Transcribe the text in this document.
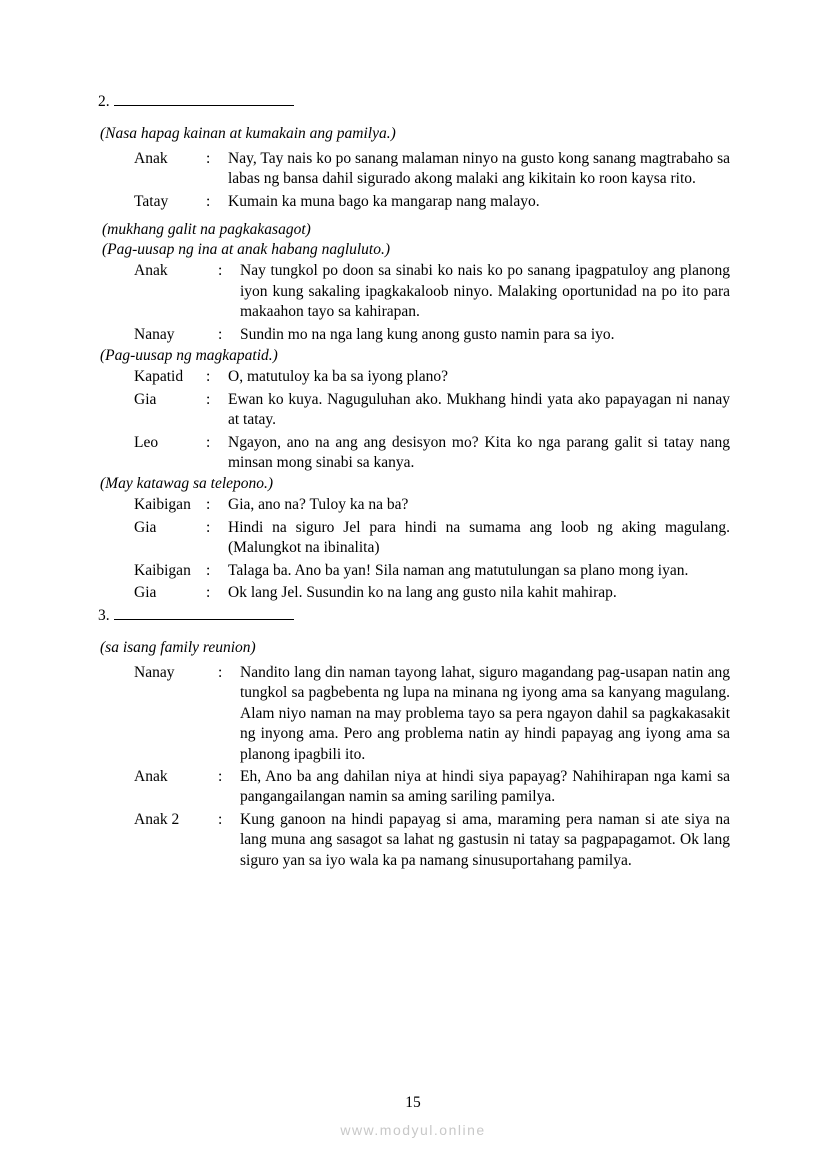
2.
(Nasa hapag kainan at kumakain ang pamilya.)
Anak	:	Nay, Tay nais ko po sanang malaman ninyo na gusto kong sanang magtrabaho sa labas ng bansa dahil sigurado akong malaki ang kikitain ko roon kaysa rito.
Tatay	:	Kumain ka muna bago ka mangarap nang malayo.
(mukhang galit na pagkakasagot)
(Pag-uusap ng ina at anak habang nagluluto.)
Anak	:	Nay tungkol po doon sa sinabi ko nais ko po sanang ipagpatuloy ang planong iyon kung sakaling ipagkakaloob ninyo. Malaking oportunidad na po ito para makaahon tayo sa kahirapan.
Nanay	:	Sundin mo na nga lang kung anong gusto namin para sa iyo.
(Pag-uusap ng magkapatid.)
Kapatid	:	O, matutuloy ka ba sa iyong plano?
Gia	:	Ewan ko kuya. Naguguluhan ako. Mukhang hindi yata ako papayagan ni nanay at tatay.
Leo	:	Ngayon, ano na ang ang desisyon mo? Kita ko nga parang galit si tatay nang minsan mong sinabi sa kanya.
(May katawag sa telepono.)
Kaibigan :	Gia, ano na? Tuloy ka na ba?
Gia	:	Hindi na siguro Jel para hindi na sumama ang loob ng aking magulang. (Malungkot na ibinalita)
Kaibigan :	Talaga ba. Ano ba yan! Sila naman ang matutulungan sa plano mong iyan.
Gia	:	Ok lang Jel. Susundin ko na lang ang gusto nila kahit mahirap.
3.
(sa isang family reunion)
Nanay	:	Nandito lang din naman tayong lahat, siguro magandang pag-usapan natin ang tungkol sa pagbebenta ng lupa na minana ng iyong ama sa kanyang magulang. Alam niyo naman na may problema tayo sa pera ngayon dahil sa pagkakasakit ng inyong ama. Pero ang problema natin ay hindi papayag ang iyong ama sa planong ipagbili ito.
Anak	:	Eh, Ano ba ang dahilan niya at hindi siya papayag? Nahihirapan nga kami sa pangangailangan namin sa aming sariling pamilya.
Anak 2	:	Kung ganoon na hindi papayag si ama, maraming pera naman si ate siya na lang muna ang sasagot sa lahat ng gastusin ni tatay sa pagpapagamot. Ok lang siguro yan sa iyo wala ka pa namang sinusuportahang pamilya.
15
www.modyul.online
